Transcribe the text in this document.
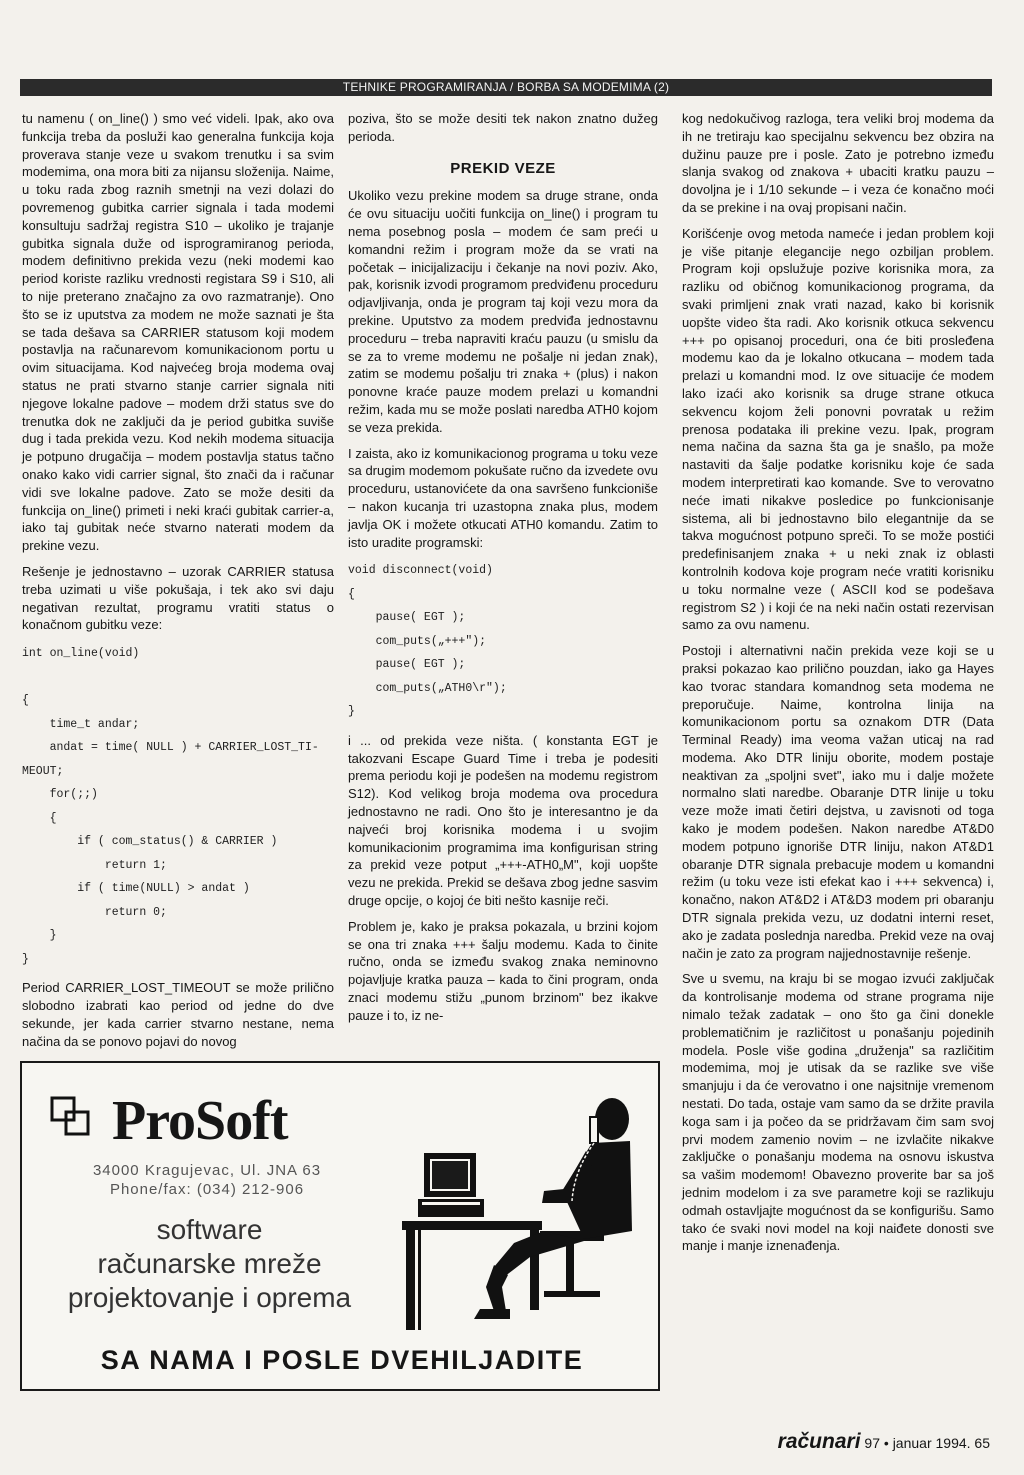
TEHNIKE PROGRAMIRANJA / BORBA SA MODEMIMA (2)

tu namenu ( on_line() ) smo već videli. Ipak, ako ova funkcija treba da posluži kao generalna funkcija koja proverava stanje veze u svakom trenutku i sa svim modemima, ona mora biti za nijansu složenija. Naime, u toku rada zbog raznih smetnji na vezi dolazi do povremenog gubitka carrier signala i tada modemi konsultuju sadržaj registra S10 – ukoliko je trajanje gubitka signala duže od isprogramiranog perioda, modem definitivno prekida vezu (neki modemi kao period koriste razliku vrednosti registara S9 i S10, ali to nije preterano značajno za ovo razmatranje). Ono što se iz uputstva za modem ne može saznati je šta se tada dešava sa CARRIER statusom koji modem postavlja na računarevom komunikacionom portu u ovim situacijama. Kod najvećeg broja modema ovaj status ne prati stvarno stanje carrier signala niti njegove lokalne padove – modem drži status sve do trenutka dok ne zaključi da je period gubitka suviše dug i tada prekida vezu. Kod nekih modema situacija je potpuno drugačija – modem postavlja status tačno onako kako vidi carrier signal, što znači da i računar vidi sve lokalne padove. Zato se može desiti da funkcija on_line() primeti i neki kraći gubitak carrier-a, iako taj gubitak neće stvarno naterati modem da prekine vezu.

Rešenje je jednostavno – uzorak CARRIER statusa treba uzimati u više pokušaja, i tek ako svi daju negativan rezultat, programu vratiti status o konačnom gubitku veze:

int on_line(void)

{
time_t andar;
andat = time( NULL ) + CARRIER_LOST_TI-
MEOUT;
for(;;)
{
if ( com_status() & CARRIER )
return 1;
if ( time(NULL) > andat )
return 0;
}
}

Period CARRIER_LOST_TIMEOUT se može prilično slobodno izabrati kao period od jedne do dve sekunde, jer kada carrier stvarno nestane, nema načina da se ponovo pojavi do novog

poziva, što se može desiti tek nakon znatno dužeg perioda.

PREKID VEZE

Ukoliko vezu prekine modem sa druge strane, onda će ovu situaciju uočiti funkcija on_line() i program tu nema posebnog posla – modem će sam preći u komandni režim i program može da se vrati na početak – inicijalizaciju i čekanje na novi poziv. Ako, pak, korisnik izvodi programom predviđenu proceduru odjavljivanja, onda je program taj koji vezu mora da prekine. Uputstvo za modem predviđa jednostavnu proceduru – treba napraviti kraću pauzu (u smislu da se za to vreme modemu ne pošalje ni jedan znak), zatim se modemu pošalju tri znaka + (plus) i nakon ponovne kraće pauze modem prelazi u komandni režim, kada mu se može poslati naredba ATH0 kojom se veza prekida.

I zaista, ako iz komunikacionog programa u toku veze sa drugim modemom pokušate ručno da izvedete ovu proceduru, ustanovićete da ona savršeno funkcioniše – nakon kucanja tri uzastopna znaka plus, modem javlja OK i možete otkucati ATH0 komandu. Zatim to isto uradite programski:

void disconnect(void)
{
pause( EGT );
com_puts(„+++");
pause( EGT );
com_puts(„ATH0\r");
}

i ... od prekida veze ništa. ( konstanta EGT je takozvani Escape Guard Time i treba je podesiti prema periodu koji je podešen na modemu registrom S12). Kod velikog broja modema ova procedura jednostavno ne radi. Ono što je interesantno je da najveći broj korisnika modema i u svojim komunikacionim programima ima konfigurisan string za prekid veze potput „+++-ATH0„M", koji uopšte vezu ne prekida. Prekid se dešava zbog jedne sasvim druge opcije, o kojoj će biti nešto kasnije reči.

Problem je, kako je praksa pokazala, u brzini kojom se ona tri znaka +++ šalju modemu. Kada to činite ručno, onda se između svakog znaka neminovno pojavljuje kratka pauza – kada to čini program, onda znaci modemu stižu „punom brzinom" bez ikakve pauze i to, iz ne-

kog nedokučivog razloga, tera veliki broj modema da ih ne tretiraju kao specijalnu sekvencu bez obzira na dužinu pauze pre i posle. Zato je potrebno između slanja svakog od znakova + ubaciti kratku pauzu – dovoljna je i 1/10 sekunde – i veza će konačno moći da se prekine i na ovaj propisani način.

Korišćenje ovog metoda nameće i jedan problem koji je više pitanje elegancije nego ozbiljan problem. Program koji opslužuje pozive korisnika mora, za razliku od običnog komunikacionog programa, da svaki primljeni znak vrati nazad, kako bi korisnik uopšte video šta radi. Ako korisnik otkuca sekvencu +++ po opisanoj proceduri, ona će biti prosleđena modemu kao da je lokalno otkucana – modem tada prelazi u komandni mod. Iz ove situacije će modem lako izaći ako korisnik sa druge strane otkuca sekvencu kojom želi ponovni povratak u režim prenosa podataka ili prekine vezu. Ipak, program nema načina da sazna šta ga je snašlo, pa može nastaviti da šalje podatke korisniku koje će sada modem interpretirati kao komande. Sve to verovatno neće imati nikakve posledice po funkcionisanje sistema, ali bi jednostavno bilo elegantnije da se takva mogućnost potpuno spreči. To se može postići predefinisanjem znaka + u neki znak iz oblasti kontrolnih kodova koje program neće vratiti korisniku u toku normalne veze ( ASCII kod se podešava registrom S2 ) i koji će na neki način ostati rezervisan samo za ovu namenu.

Postoji i alternativni način prekida veze koji se u praksi pokazao kao prilično pouzdan, iako ga Hayes kao tvorac standara komandnog seta modema ne preporučuje. Naime, kontrolna linija na komunikacionom portu sa oznakom DTR (Data Terminal Ready) ima veoma važan uticaj na rad modema. Ako DTR liniju oborite, modem postaje neaktivan za „spoljni svet", iako mu i dalje možete normalno slati naredbe. Obaranje DTR linije u toku veze može imati četiri dejstva, u zavisnoti od toga kako je modem podešen. Nakon naredbe AT&D0 modem potpuno ignoriše DTR liniju, nakon AT&D1 obaranje DTR signala prebacuje modem u komandni režim (u toku veze isti efekat kao i +++ sekvenca) i, konačno, nakon AT&D2 i AT&D3 modem pri obaranju DTR signala prekida vezu, uz dodatni interni reset, ako je zadata poslednja naredba. Prekid veze na ovaj način je zato za program najjednostavnije rešenje.

Sve u svemu, na kraju bi se mogao izvući zaključak da kontrolisanje modema od strane programa nije nimalo težak zadatak – ono što ga čini donekle problematičnim je različitost u ponašanju pojedinih modela. Posle više godina „druženja" sa različitim modemima, moj je utisak da se razlike sve više smanjuju i da će verovatno i one najsitnije vremenom nestati. Do tada, ostaje vam samo da se držite pravila koga sam i ja počeo da se pridržavam čim sam svoj prvi modem zamenio novim – ne izvlačite nikakve zaključke o ponašanju modema na osnovu iskustva sa vašim modemom! Obavezno proverite bar sa još jednim modelom i za sve parametre koji se razlikuju odmah ostavljajte mogućnost da se konfigurišu. Samo tako će svaki novi model na koji naiđete donosti sve manje i manje iznenađenja.

ProSoft
34000 Kragujevac, Ul. JNA 63
Phone/fax: (034) 212-906
software
računarske mreže
projektovanje i oprema
SA NAMA I POSLE DVEHILJADITE
računari 97 • januar 1994. 65
